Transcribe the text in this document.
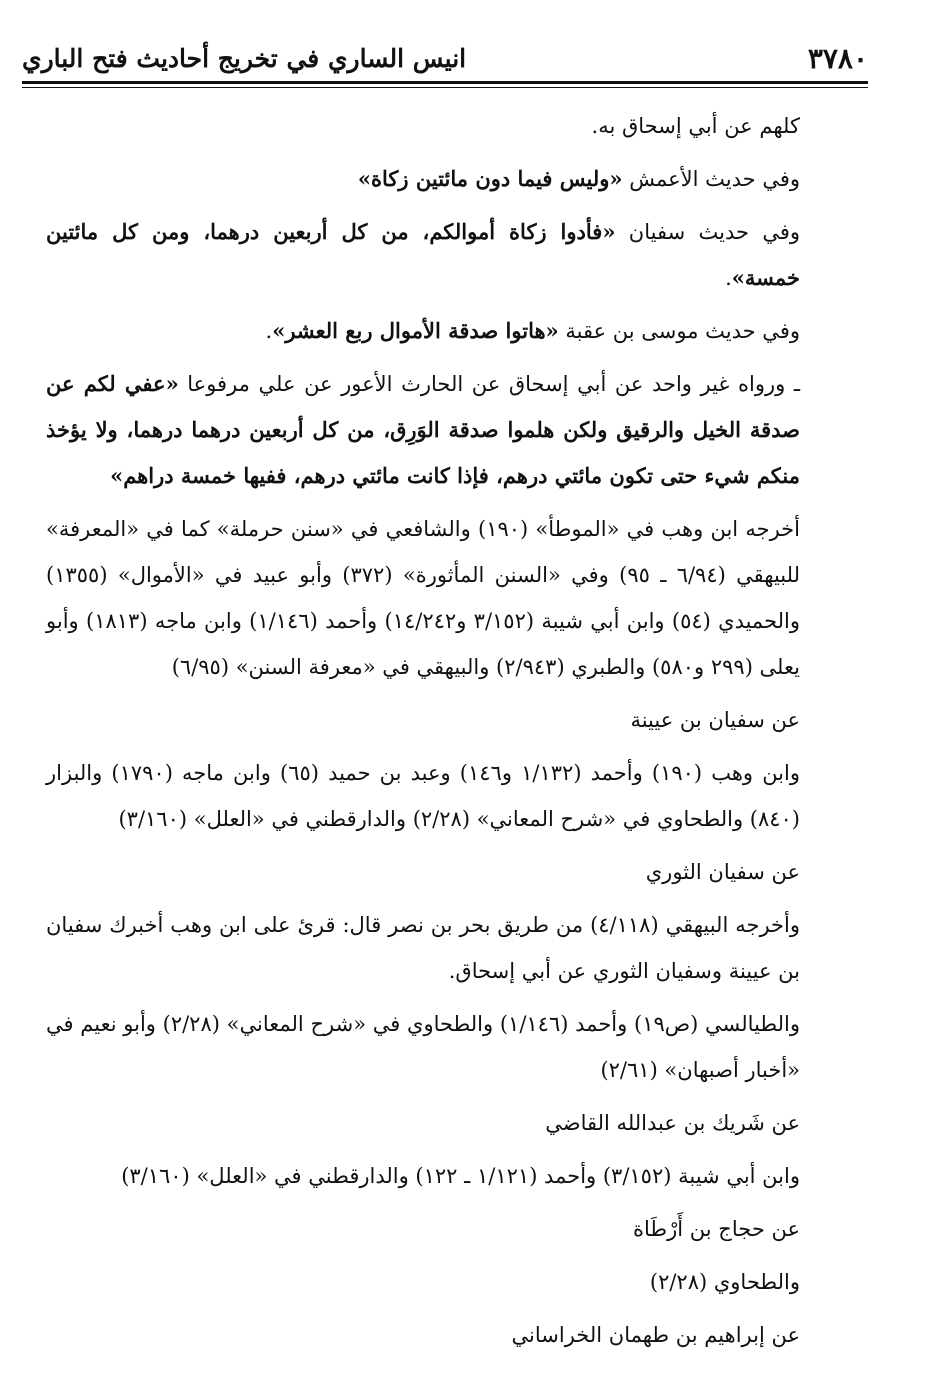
٣٧٨٠
انيس الساري في تخريج أحاديث فتح الباري

كلهم عن أبي إسحاق به.

وفي حديث الأعمش «وليس فيما دون مائتين زكاة»

وفي حديث سفيان «فأدوا زكاة أموالكم، من كل أربعين درهما، ومن كل مائتين خمسة».

وفي حديث موسى بن عقبة «هاتوا صدقة الأموال ربع العشر».

ـ ورواه غير واحد عن أبي إسحاق عن الحارث الأعور عن علي مرفوعا «عفي لكم عن صدقة الخيل والرقيق ولكن هلموا صدقة الوَرِق، من كل أربعين درهما درهما، ولا يؤخذ منكم شيء حتى تكون مائتي درهم، فإذا كانت مائتي درهم، ففيها خمسة دراهم»

أخرجه ابن وهب في «الموطأ» (١٩٠) والشافعي في «سنن حرملة» كما في «المعرفة» للبيهقي (٦/٩٤ ـ ٩٥) وفي «السنن المأثورة» (٣٧٢) وأبو عبيد في «الأموال» (١٣٥٥) والحميدي (٥٤) وابن أبي شيبة (٣/١٥٢ و١٤/٢٤٢) وأحمد (١/١٤٦) وابن ماجه (١٨١٣) وأبو يعلى (٢٩٩ و٥٨٠) والطبري (٢/٩٤٣) والبيهقي في «معرفة السنن» (٦/٩٥)

عن سفيان بن عيينة

وابن وهب (١٩٠) وأحمد (١/١٣٢ و١٤٦) وعبد بن حميد (٦٥) وابن ماجه (١٧٩٠) والبزار (٨٤٠) والطحاوي في «شرح المعاني» (٢/٢٨) والدارقطني في «العلل» (٣/١٦٠)

عن سفيان الثوري

وأخرجه البيهقي (٤/١١٨) من طريق بحر بن نصر قال: قرئ على ابن وهب أخبرك سفيان بن عيينة وسفيان الثوري عن أبي إسحاق.

والطيالسي (ص١٩) وأحمد (١/١٤٦) والطحاوي في «شرح المعاني» (٢/٢٨) وأبو نعيم في «أخبار أصبهان» (٢/٦١)

عن شَريك بن عبدالله القاضي

وابن أبي شيبة (٣/١٥٢) وأحمد (١/١٢١ ـ ١٢٢) والدارقطني في «العلل» (٣/١٦٠)

عن حجاج بن أَرْطَاة

والطحاوي (٢/٢٨)

عن إبراهيم بن طهمان الخراساني
